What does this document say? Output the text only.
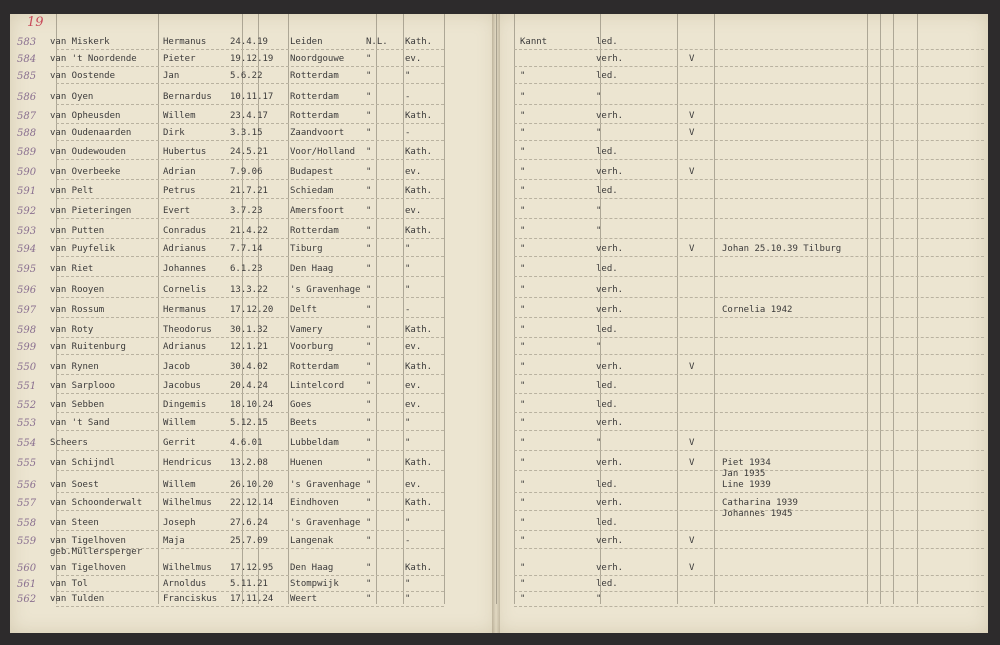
19
583 van Miskerk	Hermanus	24.4.19 Leiden	N.L. Kath.	Kannt	led.
584 van 't Noordende	Pieter	19.12.19 Noordgouwe "	ev.	verh.	V
585 van Oostende	Jan	5.6.22	Rotterdam	"	"	"	led.
586 van Oyen	Bernardus 10.11.17 Rotterdam	"	-	"	"
587 van Opheusden	Willem	23.4.17 Rotterdam	"	Kath.	"	verh.	V
588 van Oudenaarden	Dirk	3.3.15	Zaandvoort "	-	"	"	V
589 van Oudewouden	Hubertus	24.5.21 Voor/Holland "	Kath.	"	led.
590 van Overbeeke	Adrian	7.9.06	Budapest	"	ev.	"	verh.	V
591 van Pelt	Petrus	21.7.21 Schiedam	"	Kath.	"	led.
592 van Pieteringen	Evert	3.7.23	Amersfoort "	ev.	"	"
593 van Putten	Conradus	21.4.22 Rotterdam	"	Kath.	"	"
594 van Puyfelik	Adrianus	7.7.14	Tiburg	"	"	"	verh.	V	Johan 25.10.39 Tilburg
595 van Riet	Johannes	6.1.23	Den Haag	"	"	"	led.
596 van Rooyen	Cornelis	13.3.22 's Gravenhage "	"	"	verh.
597 van Rossum	Hermanus	17.12.20 Delft	"	-	"	verh.	Cornelia 1942
598 van Roty	Theodorus 30.1.32 Vamery	"	Kath.	"	led.
599 van Ruitenburg	Adrianus	12.1.21 Voorburg	"	ev.	"	"
550 van Rynen	Jacob	30.4.02 Rotterdam	"	Kath.	"	verh.	V
551 van Sarplooo	Jacobus	20.4.24 Lintelcord "	ev.	"	led.
552 van Sebben	Dingemis	18.10.24 Goes	"	ev.	"	led.
553 van 't Sand	Willem	5.12.15 Beets	"	"	"	verh.
554 Scheers	Gerrit	4.6.01	Lubbeldam	"	"	"	"	V
555 van Schijndl	Hendricus 13.2.08 Huenen	"	Kath.	"	verh.	V	Piet 1934
Jan 1935
Line 1939
556 van Soest	Willem	26.10.20 's Gravenhage "	ev.	"	led.
557 van Schoonderwalt Wilhelmus 22.12.14 Eindhoven	"	Kath.	"	verh.	Catharina 1939
Johannes 1945
558 van Steen	Joseph	27.6.24 's Gravenhage "	"	"	led.
559 van Tigelhoven
geb.Müllersperger
Maja	25.7.09 Langenak	"	-	"	verh.	V
560 van Tigelhoven	Wilhelmus 17.12.95 Den Haag	"	Kath.	"	verh.	V
561 van Tol	Arnoldus	5.11.21 Stompwijk	"	"	"	led.
562 van Tulden	Franciskus 17.11.24 Weert	"	"	"	"
